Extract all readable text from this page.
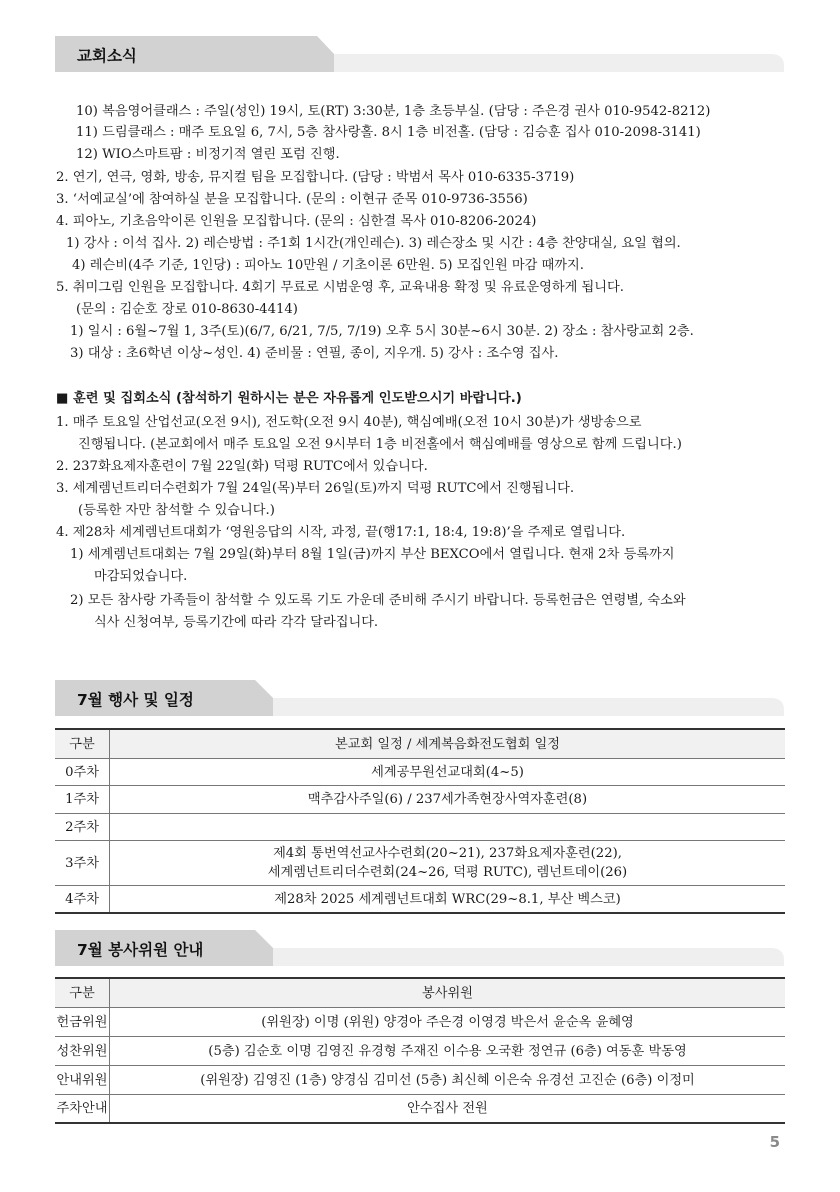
교회소식
10) 복음영어클래스 : 주일(성인) 19시, 토(RT) 3:30분, 1층 초등부실. (담당 : 주은경 권사 010-9542-8212)
11) 드림클래스 : 매주 토요일 6, 7시, 5층 참사랑홀. 8시 1층 비전홀. (담당 : 김승훈 집사 010-2098-3141)
12) WIO스마트팜 : 비정기적 열린 포럼 진행.
2. 연기, 연극, 영화, 방송, 뮤지컬 팀을 모집합니다. (담당 : 박범서 목사 010-6335-3719)
3. ‘서예교실’에 참여하실 분을 모집합니다. (문의 : 이현규 준목 010-9736-3556)
4. 피아노, 기초음악이론 인원을 모집합니다. (문의 : 심한결 목사 010-8206-2024)
1) 강사 : 이석 집사. 2) 레슨방법 : 주1회 1시간(개인레슨). 3) 레슨장소 및 시간 : 4층 찬양대실, 요일 협의.
4) 레슨비(4주 기준, 1인당) : 피아노 10만원 / 기초이론 6만원. 5) 모집인원 마감 때까지.
5. 취미그림 인원을 모집합니다. 4회기 무료로 시범운영 후, 교육내용 확정 및 유료운영하게 됩니다.
(문의 : 김순호 장로 010-8630-4414)
1) 일시 : 6월~7월 1, 3주(토)(6/7, 6/21, 7/5, 7/19) 오후 5시 30분~6시 30분. 2) 장소 : 참사랑교회 2층.
3) 대상 : 초6학년 이상~성인. 4) 준비물 : 연필, 종이, 지우개. 5) 강사 : 조수영 집사.
■ 훈련 및 집회소식 (참석하기 원하시는 분은 자유롭게 인도받으시기 바랍니다.)
1. 매주 토요일 산업선교(오전 9시), 전도학(오전 9시 40분), 핵심예배(오전 10시 30분)가 생방송으로
진행됩니다. (본교회에서 매주 토요일 오전 9시부터 1층 비전홀에서 핵심예배를 영상으로 함께 드립니다.)
2. 237화요제자훈련이 7월 22일(화) 덕평 RUTC에서 있습니다.
3. 세계렘넌트리더수련회가 7월 24일(목)부터 26일(토)까지 덕평 RUTC에서 진행됩니다.
(등록한 자만 참석할 수 있습니다.)
4. 제28차 세계렘넌트대회가 ‘영원응답의 시작, 과정, 끝(행17:1, 18:4, 19:8)’을 주제로 열립니다.
1) 세계렘넌트대회는 7월 29일(화)부터 8월 1일(금)까지 부산 BEXCO에서 열립니다. 현재 2차 등록까지
마감되었습니다.
2) 모든 참사랑 가족들이 참석할 수 있도록 기도 가운데 준비해 주시기 바랍니다. 등록헌금은 연령별, 숙소와
식사 신청여부, 등록기간에 따라 각각 달라집니다.
7월 행사 및 일정
구분	본교회 일정 / 세계복음화전도협회 일정
0주차	세계공무원선교대회(4~5)
1주차	맥추감사주일(6) / 237세가족현장사역자훈련(8)
2주차	
3주차	제4회 통번역선교사수련회(20~21), 237화요제자훈련(22),
세계렘넌트리더수련회(24~26, 덕평 RUTC), 렘넌트데이(26)

4주차	제28차 2025 세계렘넌트대회 WRC(29~8.1, 부산 벡스코)
7월 봉사위원 안내
구분	봉사위원
헌금위원	(위원장) 이명 (위원) 양경아 주은경 이영경 박은서 윤순옥 윤혜영
성찬위원	(5층) 김순호 이명 김영진 유경형 주재진 이수용 오국환 정연규 (6층) 여동훈 박동영
안내위원	(위원장) 김영진 (1층) 양경심 김미선 (5층) 최신혜 이은숙 유경선 고진순 (6층) 이정미
주차안내	안수집사 전원
5
